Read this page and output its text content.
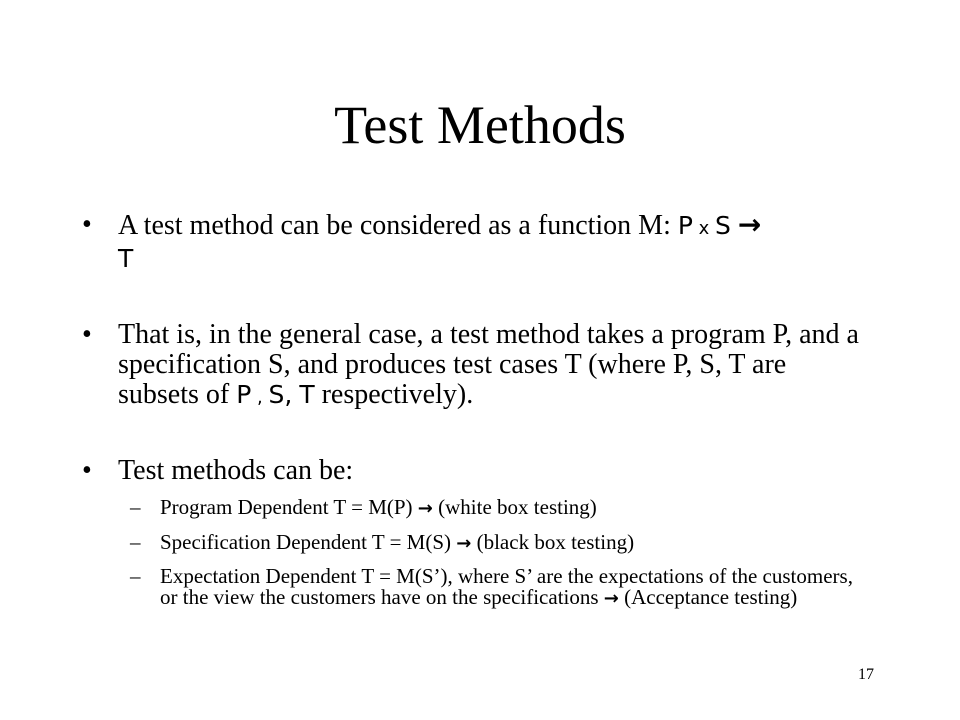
Test Methods
• A test method can be considered as a function M: P x S →
T
• That is, in the general case, a test method takes a program P, and a specification S, and produces test cases T (where P, S, T are subsets of P , S, T respectively).
• Test methods can be:
– Program Dependent T = M(P) → (white box testing)
– Specification Dependent T = M(S) → (black box testing)
– Expectation Dependent T = M(S’), where S’ are the expectations of the customers, or the view the customers have on the specifications → (Acceptance testing)
17
